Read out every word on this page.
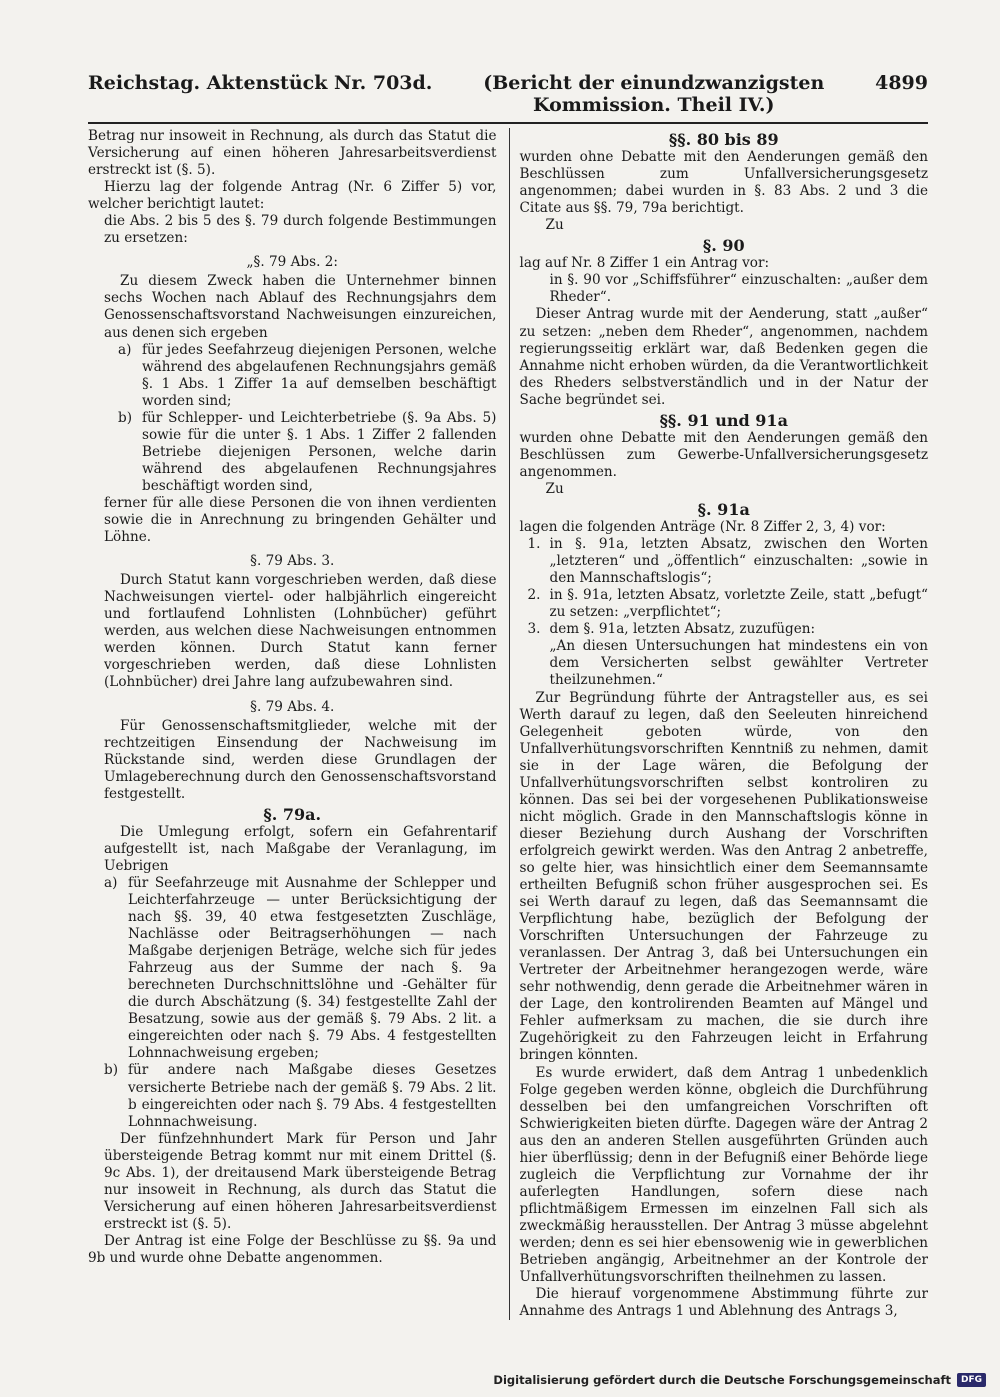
Reichstag. Aktenstück Nr. 703d.	(Bericht der einundzwanzigsten Kommission. Theil IV.)
4899

Betrag nur insoweit in Rechnung, als durch das Statut die Versicherung auf einen höheren Jahresarbeitsverdienst erstreckt ist (§. 5).

Hierzu lag der folgende Antrag (Nr. 6 Ziffer 5) vor, welcher berichtigt lautet:

die Abs. 2 bis 5 des §. 79 durch folgende Bestimmungen zu ersetzen:

„§. 79 Abs. 2:

Zu diesem Zweck haben die Unternehmer binnen sechs Wochen nach Ablauf des Rechnungsjahrs dem Genossenschaftsvorstand Nachweisungen einzureichen, aus denen sich ergeben

a) für jedes Seefahrzeug diejenigen Personen, welche während des abgelaufenen Rechnungsjahrs gemäß §. 1 Abs. 1 Ziffer 1a auf demselben beschäftigt worden sind;
b) für Schlepper- und Leichterbetriebe (§. 9a Abs. 5) sowie für die unter §. 1 Abs. 1 Ziffer 2 fallenden Betriebe diejenigen Personen, welche darin während des abgelaufenen Rechnungsjahres beschäftigt worden sind,

ferner für alle diese Personen die von ihnen verdienten sowie die in Anrechnung zu bringenden Gehälter und Löhne.

§. 79 Abs. 3.

Durch Statut kann vorgeschrieben werden, daß diese Nachweisungen viertel- oder halbjährlich eingereicht und fortlaufend Lohnlisten (Lohnbücher) geführt werden, aus welchen diese Nachweisungen entnommen werden können. Durch Statut kann ferner vorgeschrieben werden, daß diese Lohnlisten (Lohnbücher) drei Jahre lang aufzubewahren sind.

§. 79 Abs. 4.

Für Genossenschaftsmitglieder, welche mit der rechtzeitigen Einsendung der Nachweisung im Rückstande sind, werden diese Grundlagen der Umlageberechnung durch den Genossenschaftsvorstand festgestellt.

§. 79a.

Die Umlegung erfolgt, sofern ein Gefahrentarif aufgestellt ist, nach Maßgabe der Veranlagung, im Uebrigen

a) für Seefahrzeuge mit Ausnahme der Schlepper und Leichterfahrzeuge — unter Berücksichtigung der nach §§. 39, 40 etwa festgesetzten Zuschläge, Nachlässe oder Beitragserhöhungen — nach Maßgabe derjenigen Beträge, welche sich für jedes Fahrzeug aus der Summe der nach §. 9a berechneten Durchschnittslöhne und -Gehälter für die durch Abschätzung (§. 34) festgestellte Zahl der Besatzung, sowie aus der gemäß §. 79 Abs. 2 lit. a eingereichten oder nach §. 79 Abs. 4 festgestellten Lohnnachweisung ergeben;
b) für andere nach Maßgabe dieses Gesetzes versicherte Betriebe nach der gemäß §. 79 Abs. 2 lit. b eingereichten oder nach §. 79 Abs. 4 festgestellten Lohnnachweisung.

Der fünfzehnhundert Mark für Person und Jahr übersteigende Betrag kommt nur mit einem Drittel (§. 9c Abs. 1), der dreitausend Mark übersteigende Betrag nur insoweit in Rechnung, als durch das Statut die Versicherung auf einen höheren Jahresarbeitsverdienst erstreckt ist (§. 5).

Der Antrag ist eine Folge der Beschlüsse zu §§. 9a und 9b und wurde ohne Debatte angenommen.

§§. 80 bis 89

wurden ohne Debatte mit den Aenderungen gemäß den Beschlüssen zum Unfallversicherungsgesetz angenommen; dabei wurden in §. 83 Abs. 2 und 3 die Citate aus §§. 79, 79a berichtigt.

Zu

§. 90

lag auf Nr. 8 Ziffer 1 ein Antrag vor:

in §. 90 vor „Schiffsführer“ einzuschalten: „außer dem Rheder“.

Dieser Antrag wurde mit der Aenderung, statt „außer“ zu setzen: „neben dem Rheder“, angenommen, nachdem regierungsseitig erklärt war, daß Bedenken gegen die Annahme nicht erhoben würden, da die Verantwortlichkeit des Rheders selbstverständlich und in der Natur der Sache begründet sei.

§§. 91 und 91a

wurden ohne Debatte mit den Aenderungen gemäß den Beschlüssen zum Gewerbe-Unfallversicherungsgesetz angenommen.

Zu

§. 91a

lagen die folgenden Anträge (Nr. 8 Ziffer 2, 3, 4) vor:

1. in §. 91a, letzten Absatz, zwischen den Worten „letzteren“ und „öffentlich“ einzuschalten: „sowie in den Mannschaftslogis“;
2. in §. 91a, letzten Absatz, vorletzte Zeile, statt „befugt“ zu setzen: „verpflichtet“;
3. dem §. 91a, letzten Absatz, zuzufügen:

„An diesen Untersuchungen hat mindestens ein von dem Versicherten selbst gewählter Vertreter theilzunehmen.“

Zur Begründung führte der Antragsteller aus, es sei Werth darauf zu legen, daß den Seeleuten hinreichend Gelegenheit geboten würde, von den Unfallverhütungsvorschriften Kenntniß zu nehmen, damit sie in der Lage wären, die Befolgung der Unfallverhütungsvorschriften selbst kontroliren zu können. Das sei bei der vorgesehenen Publikationsweise nicht möglich. Grade in den Mannschaftslogis könne in dieser Beziehung durch Aushang der Vorschriften erfolgreich gewirkt werden. Was den Antrag 2 anbetreffe, so gelte hier, was hinsichtlich einer dem Seemannsamte ertheilten Befugniß schon früher ausgesprochen sei. Es sei Werth darauf zu legen, daß das Seemannsamt die Verpflichtung habe, bezüglich der Befolgung der Vorschriften Untersuchungen der Fahrzeuge zu veranlassen. Der Antrag 3, daß bei Untersuchungen ein Vertreter der Arbeitnehmer herangezogen werde, wäre sehr nothwendig, denn gerade die Arbeitnehmer wären in der Lage, den kontrolirenden Beamten auf Mängel und Fehler aufmerksam zu machen, die sie durch ihre Zugehörigkeit zu den Fahrzeugen leicht in Erfahrung bringen könnten.

Es wurde erwidert, daß dem Antrag 1 unbedenklich Folge gegeben werden könne, obgleich die Durchführung desselben bei den umfangreichen Vorschriften oft Schwierigkeiten bieten dürfte. Dagegen wäre der Antrag 2 aus den an anderen Stellen ausgeführten Gründen auch hier überflüssig; denn in der Befugniß einer Behörde liege zugleich die Verpflichtung zur Vornahme der ihr auferlegten Handlungen, sofern diese nach pflichtmäßigem Ermessen im einzelnen Fall sich als zweckmäßig herausstellen. Der Antrag 3 müsse abgelehnt werden; denn es sei hier ebensowenig wie in gewerblichen Betrieben angängig, Arbeitnehmer an der Kontrole der Unfallverhütungsvorschriften theilnehmen zu lassen.

Die hierauf vorgenommene Abstimmung führte zur Annahme des Antrags 1 und Ablehnung des Antrags 3,

Digitalisierung gefördert durch die Deutsche Forschungsgemeinschaft	DFG
